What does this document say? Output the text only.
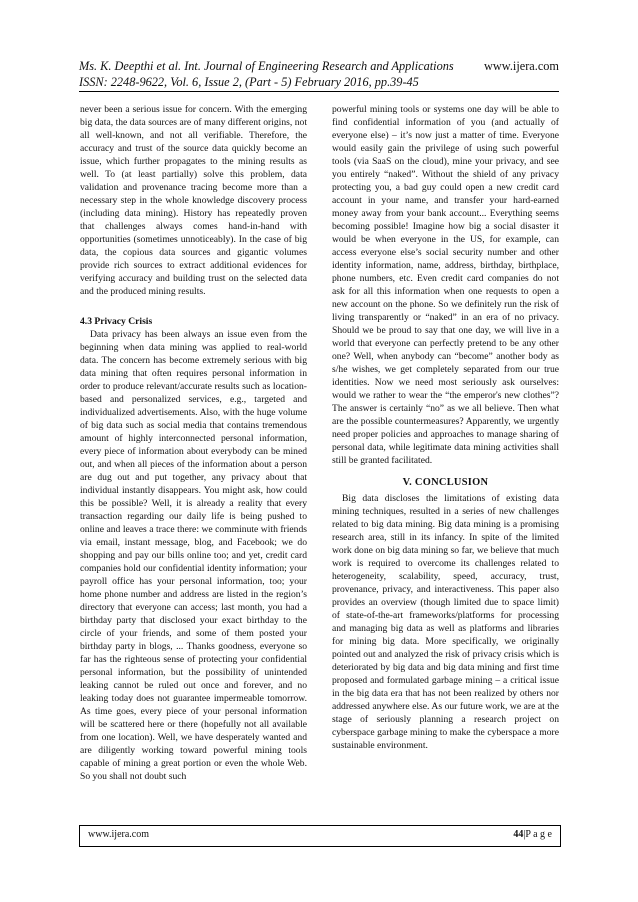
Ms. K. Deepthi et al. Int. Journal of Engineering Research and Applications
ISSN: 2248-9622, Vol. 6, Issue 2, (Part - 5) February 2016, pp.39-45
www.ijera.com

never been a serious issue for concern. With the emerging big data, the data sources are of many different origins, not all well-known, and not all verifiable. Therefore, the accuracy and trust of the source data quickly become an issue, which further propagates to the mining results as well. To (at least partially) solve this problem, data validation and provenance tracing become more than a necessary step in the whole knowledge discovery process (including data mining). History has repeatedly proven that challenges always comes hand-in-hand with opportunities (sometimes unnoticeably). In the case of big data, the copious data sources and gigantic volumes provide rich sources to extract additional evidences for verifying accuracy and building trust on the selected data and the produced mining results.

4.3 Privacy Crisis

Data privacy has been always an issue even from the beginning when data mining was applied to real-world data. The concern has become extremely serious with big data mining that often requires personal information in order to produce relevant/accurate results such as location-based and personalized services, e.g., targeted and individualized advertisements. Also, with the huge volume of big data such as social media that contains tremendous amount of highly interconnected personal information, every piece of information about everybody can be mined out, and when all pieces of the information about a person are dug out and put together, any privacy about that individual instantly disappears. You might ask, how could this be possible? Well, it is already a reality that every transaction regarding our daily life is being pushed to online and leaves a trace there: we comminute with friends via email, instant message, blog, and Facebook; we do shopping and pay our bills online too; and yet, credit card companies hold our confidential identity information; your payroll office has your personal information, too; your home phone number and address are listed in the region’s directory that everyone can access; last month, you had a birthday party that disclosed your exact birthday to the circle of your friends, and some of them posted your birthday party in blogs, ... Thanks goodness, everyone so far has the righteous sense of protecting your confidential personal information, but the possibility of unintended leaking cannot be ruled out once and forever, and no leaking today does not guarantee impermeable tomorrow. As time goes, every piece of your personal information will be scattered here or there (hopefully not all available from one location). Well, we have desperately wanted and are diligently working toward powerful mining tools capable of mining a great portion or even the whole Web. So you shall not doubt such

powerful mining tools or systems one day will be able to find confidential information of you (and actually of everyone else) – it’s now just a matter of time. Everyone would easily gain the privilege of using such powerful tools (via SaaS on the cloud), mine your privacy, and see you entirely “naked”. Without the shield of any privacy protecting you, a bad guy could open a new credit card account in your name, and transfer your hard-earned money away from your bank account... Everything seems becoming possible! Imagine how big a social disaster it would be when everyone in the US, for example, can access everyone else’s social security number and other identity information, name, address, birthday, birthplace, phone numbers, etc. Even credit card companies do not ask for all this information when one requests to open a new account on the phone. So we definitely run the risk of living transparently or “naked” in an era of no privacy. Should we be proud to say that one day, we will live in a world that everyone can perfectly pretend to be any other one? Well, when anybody can “become” another body as s/he wishes, we get completely separated from our true identities. Now we need most seriously ask ourselves: would we rather to wear the “the emperor's new clothes”? The answer is certainly “no” as we all believe. Then what are the possible countermeasures? Apparently, we urgently need proper policies and approaches to manage sharing of personal data, while legitimate data mining activities shall still be granted facilitated.

V. CONCLUSION

Big data discloses the limitations of existing data mining techniques, resulted in a series of new challenges related to big data mining. Big data mining is a promising research area, still in its infancy. In spite of the limited work done on big data mining so far, we believe that much work is required to overcome its challenges related to heterogeneity, scalability, speed, accuracy, trust, provenance, privacy, and interactiveness. This paper also provides an overview (though limited due to space limit) of state-of-the-art frameworks/platforms for processing and managing big data as well as platforms and libraries for mining big data. More specifically, we originally pointed out and analyzed the risk of privacy crisis which is deteriorated by big data and big data mining and first time proposed and formulated garbage mining – a critical issue in the big data era that has not been realized by others nor addressed anywhere else. As our future work, we are at the stage of seriously planning a research project on cyberspace garbage mining to make the cyberspace a more sustainable environment.

www.ijera.com	44|P a g e
